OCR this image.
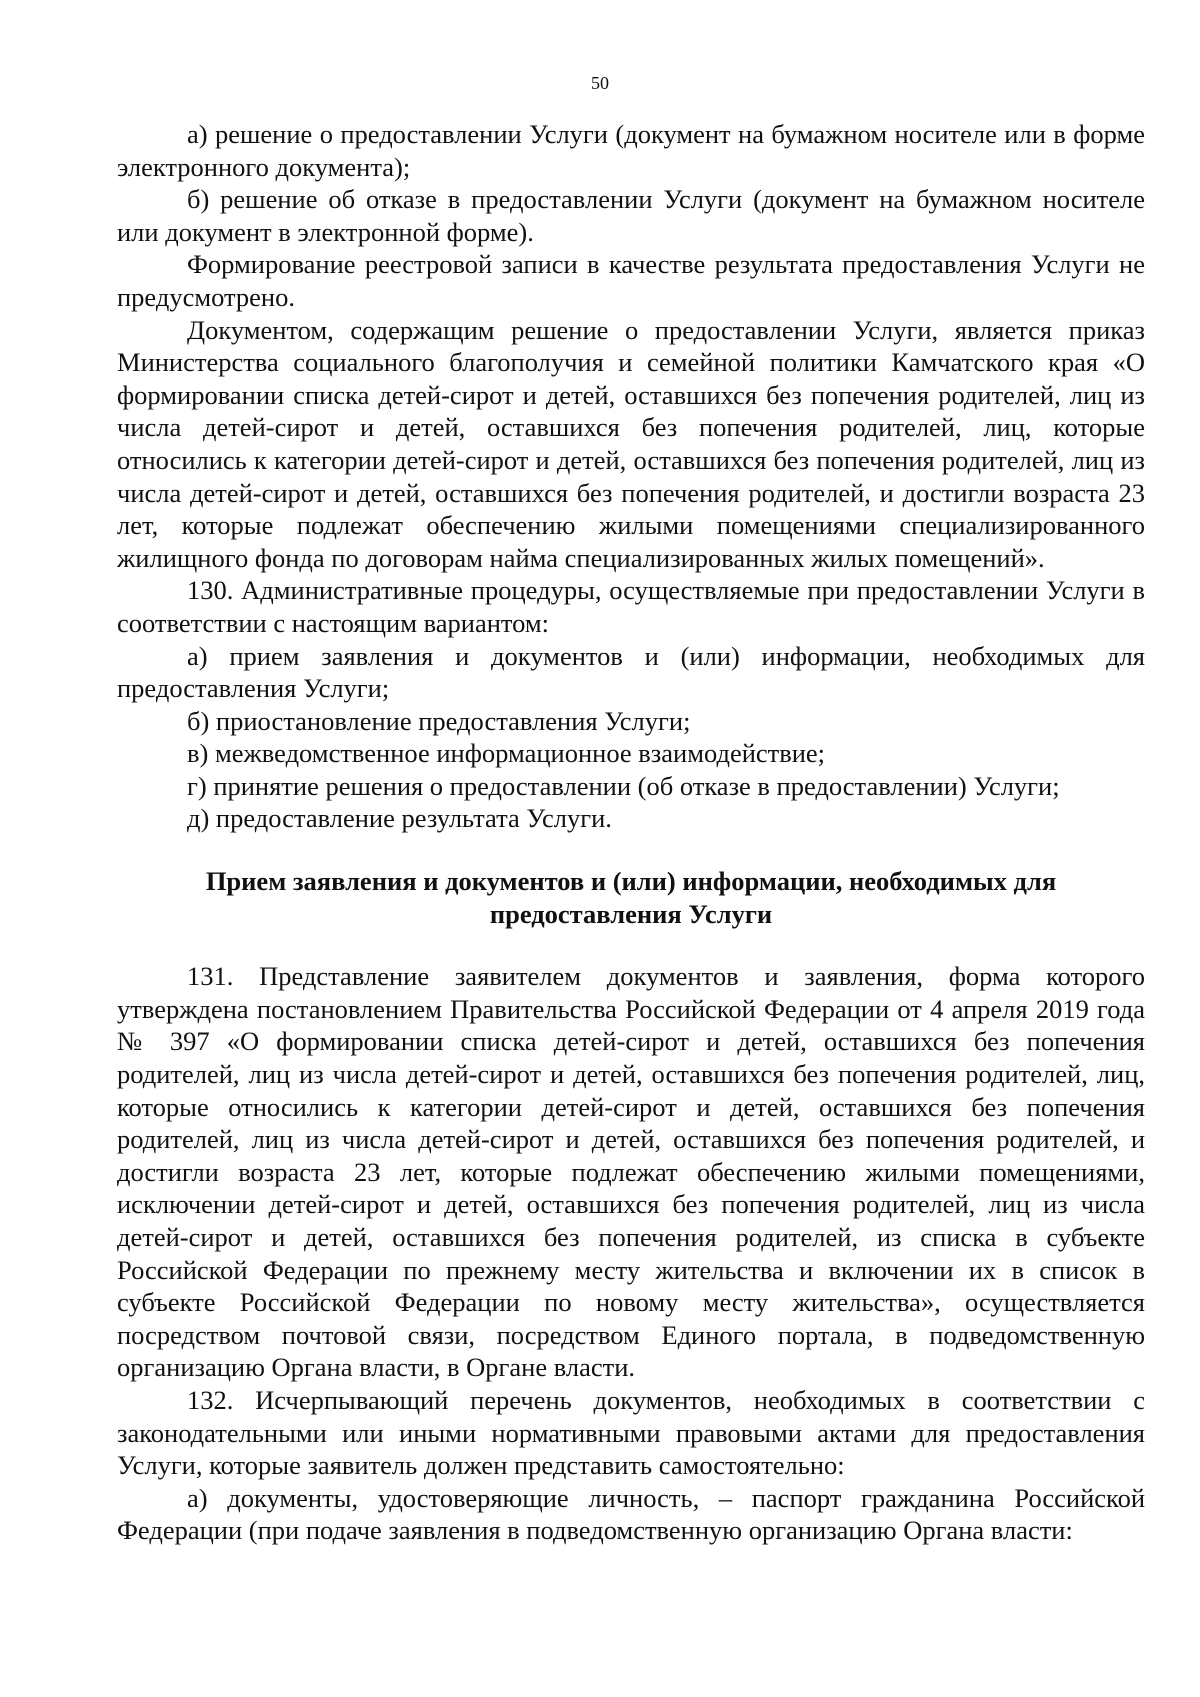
50

а) решение о предоставлении Услуги (документ на бумажном носителе или в форме электронного документа);

б) решение об отказе в предоставлении Услуги (документ на бумажном носителе или документ в электронной форме).

Формирование реестровой записи в качестве результата предоставления Услуги не предусмотрено.

Документом, содержащим решение о предоставлении Услуги, является приказ Министерства социального благополучия и семейной политики Камчатского края «О формировании списка детей-сирот и детей, оставшихся без попечения родителей, лиц из числа детей-сирот и детей, оставшихся без попечения родителей, лиц, которые относились к категории детей-сирот и детей, оставшихся без попечения родителей, лиц из числа детей-сирот и детей, оставшихся без попечения родителей, и достигли возраста 23 лет, которые подлежат обеспечению жилыми помещениями специализированного жилищного фонда по договорам найма специализированных жилых помещений».

130. Административные процедуры, осуществляемые при предоставлении Услуги в соответствии с настоящим вариантом:

а) прием заявления и документов и (или) информации, необходимых для предоставления Услуги;

б) приостановление предоставления Услуги;

в) межведомственное информационное взаимодействие;

г) принятие решения о предоставлении (об отказе в предоставлении) Услуги;

д) предоставление результата Услуги.

Прием заявления и документов и (или) информации, необходимых для предоставления Услуги

131. Представление заявителем документов и заявления, форма которого утверждена постановлением Правительства Российской Федерации от 4 апреля 2019 года № 397 «О формировании списка детей-сирот и детей, оставшихся без попечения родителей, лиц из числа детей-сирот и детей, оставшихся без попечения родителей, лиц, которые относились к категории детей-сирот и детей, оставшихся без попечения родителей, лиц из числа детей-сирот и детей, оставшихся без попечения родителей, и достигли возраста 23 лет, которые подлежат обеспечению жилыми помещениями, исключении детей-сирот и детей, оставшихся без попечения родителей, лиц из числа детей-сирот и детей, оставшихся без попечения родителей, из списка в субъекте Российской Федерации по прежнему месту жительства и включении их в список в субъекте Российской Федерации по новому месту жительства», осуществляется посредством почтовой связи, посредством Единого портала, в подведомственную организацию Органа власти, в Органе власти.

132. Исчерпывающий перечень документов, необходимых в соответствии с законодательными или иными нормативными правовыми актами для предоставления Услуги, которые заявитель должен представить самостоятельно:

а) документы, удостоверяющие личность, – паспорт гражданина Российской Федерации (при подаче заявления в подведомственную организацию Органа власти:
